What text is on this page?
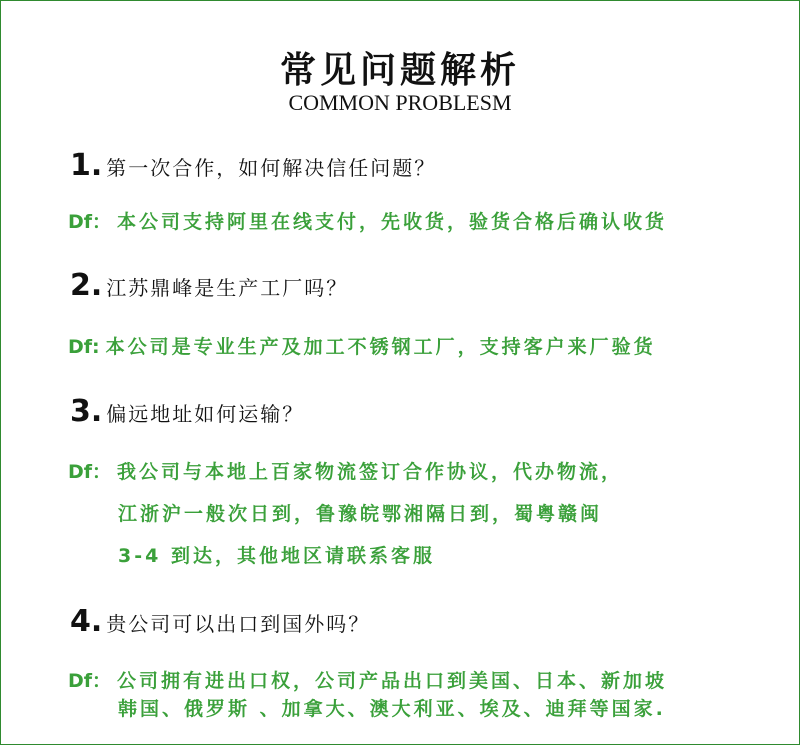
常见问题解析
COMMON PROBLESM
1. 第一次合作，如何解决信任问题？
Df： 本公司支持阿里在线支付，先收货，验货合格后确认收货
2. 江苏鼎峰是生产工厂吗？
Df: 本公司是专业生产及加工不锈钢工厂，支持客户来厂验货
3. 偏远地址如何运输？
Df： 我公司与本地上百家物流签订合作协议，代办物流，
江浙沪一般次日到，鲁豫皖鄂湘隔日到，蜀粤赣闽
3-4 到达，其他地区请联系客服
4. 贵公司可以出口到国外吗？
Df： 公司拥有进出口权，公司产品出口到美国、日本、新加坡
韩国、俄罗斯 、加拿大、澳大利亚、埃及、迪拜等国家.
